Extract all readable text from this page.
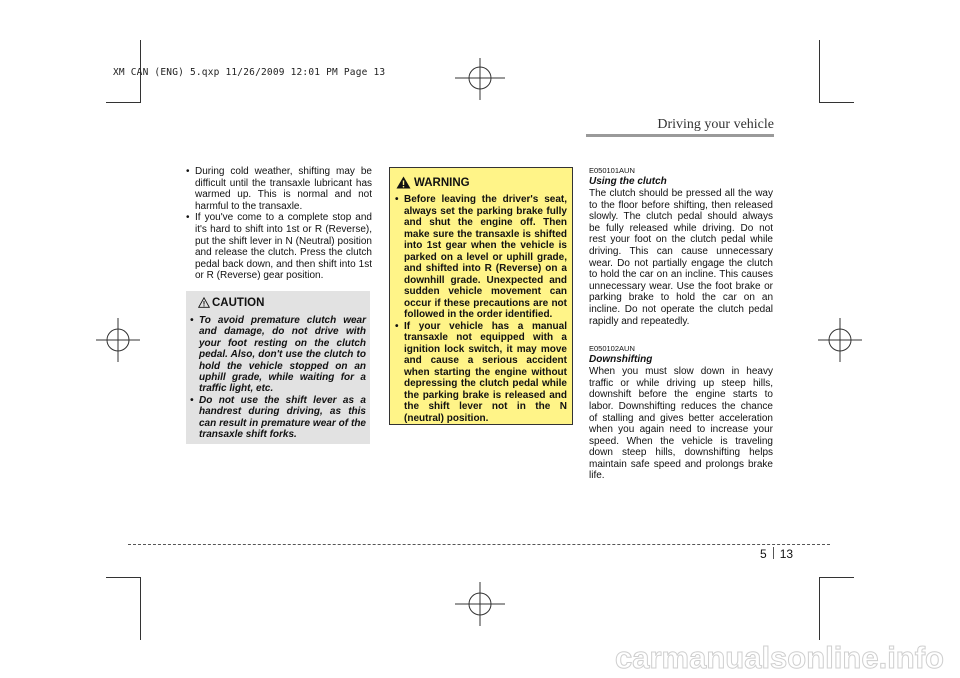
XM CAN (ENG) 5.qxp 11/26/2009 12:01 PM Page 13
Driving your vehicle
• During cold weather, shifting may be difficult until the transaxle lubricant has warmed up. This is normal and not harmful to the transaxle.
• If you've come to a complete stop and it's hard to shift into 1st or R (Reverse), put the shift lever in N (Neutral) position and release the clutch. Press the clutch pedal back down, and then shift into 1st or R (Reverse) gear position.
CAUTION
• To avoid premature clutch wear and damage, do not drive with your foot resting on the clutch pedal. Also, don't use the clutch to hold the vehicle stopped on an uphill grade, while waiting for a traffic light, etc.
• Do not use the shift lever as a handrest during driving, as this can result in premature wear of the transaxle shift forks.
WARNING
• Before leaving the driver's seat, always set the parking brake fully and shut the engine off. Then make sure the transaxle is shifted into 1st gear when the vehicle is parked on a level or uphill grade, and shifted into R (Reverse) on a downhill grade. Unexpected and sudden vehicle movement can occur if these precautions are not followed in the order identified.
• If your vehicle has a manual transaxle not equipped with a ignition lock switch, it may move and cause a serious accident when starting the engine without depressing the clutch pedal while the parking brake is released and the shift lever not in the N (neutral) position.
E050101AUN
Using the clutch

The clutch should be pressed all the way to the floor before shifting, then released slowly. The clutch pedal should always be fully released while driving. Do not rest your foot on the clutch pedal while driving. This can cause unnecessary wear. Do not partially engage the clutch to hold the car on an incline. This causes unnecessary wear. Use the foot brake or parking brake to hold the car on an incline. Do not operate the clutch pedal rapidly and repeatedly.

E050102AUN
Downshifting

When you must slow down in heavy traffic or while driving up steep hills, downshift before the engine starts to labor. Downshifting reduces the chance of stalling and gives better acceleration when you again need to increase your speed. When the vehicle is traveling down steep hills, downshifting helps maintain safe speed and prolongs brake life.

5 13
carmanualsonline.info
